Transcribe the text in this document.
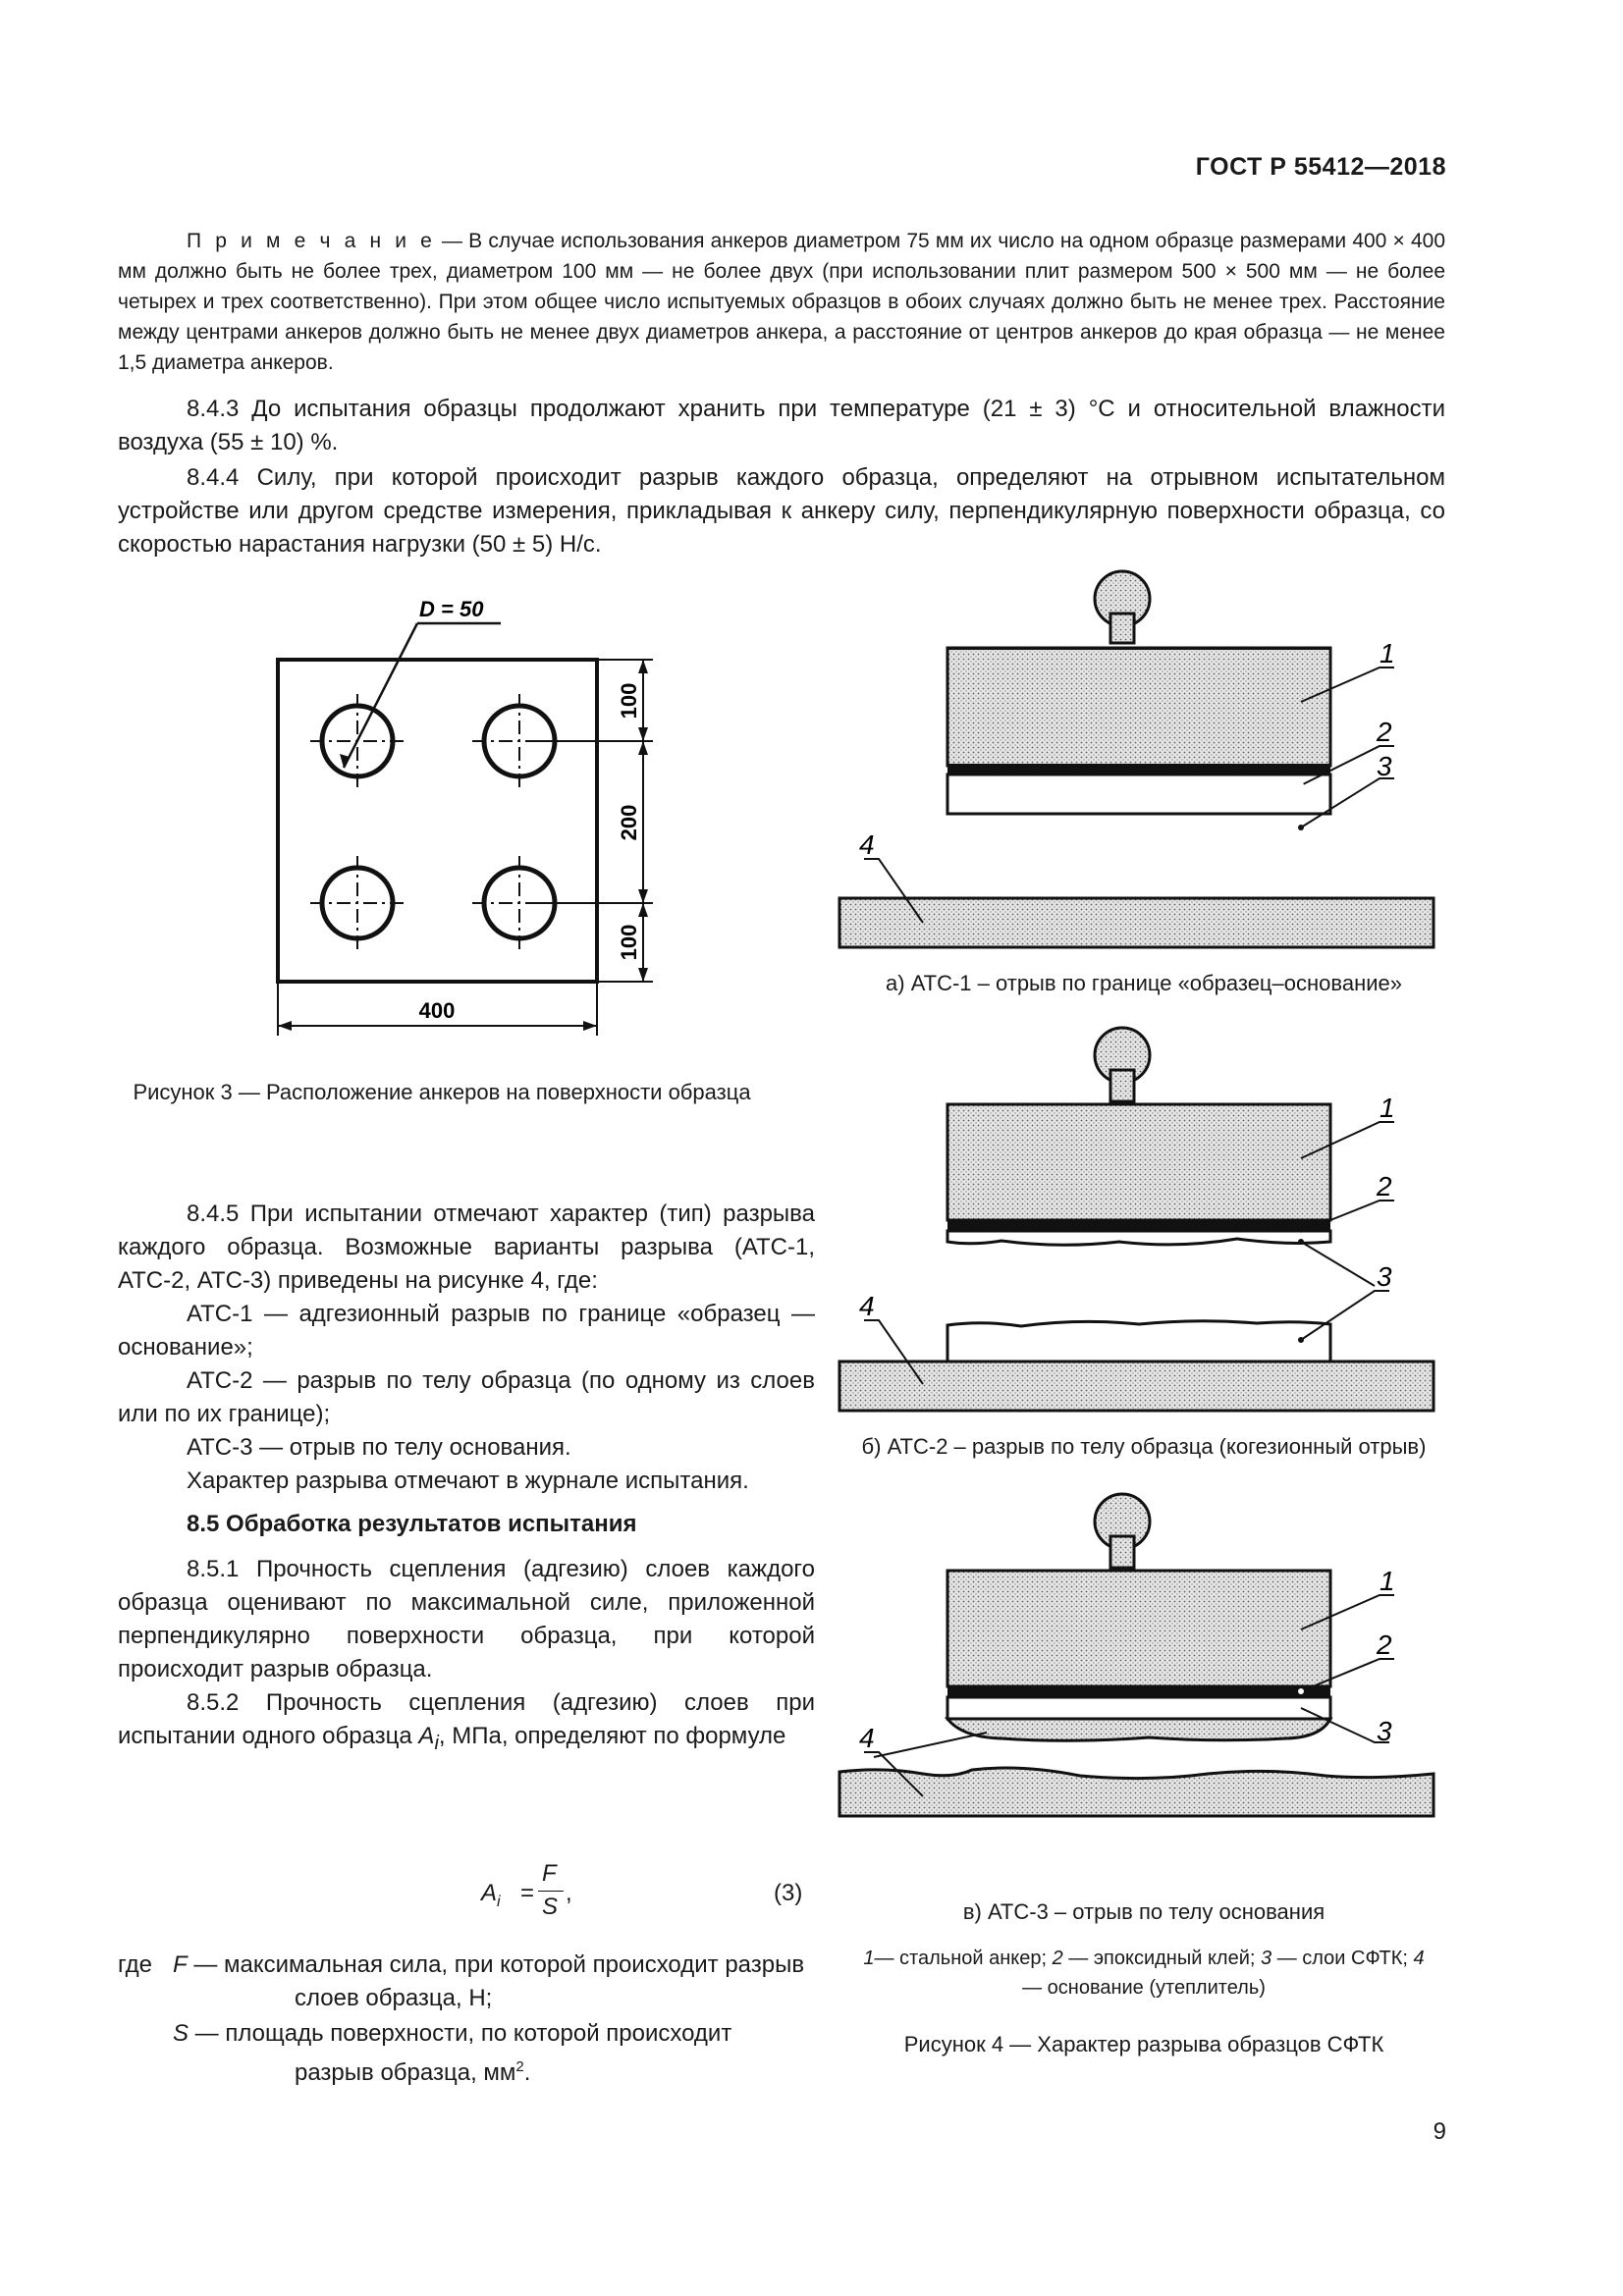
ГОСТ Р 55412—2018
П р и м е ч а н и е — В случае использования анкеров диаметром 75 мм их число на одном образце размерами 400 × 400 мм должно быть не более трех, диаметром 100 мм — не более двух (при использовании плит размером 500 × 500 мм — не более четырех и трех соответственно). При этом общее число испытуемых образцов в обоих случаях должно быть не менее трех. Расстояние между центрами анкеров должно быть не менее двух диаметров анкера, а расстояние от центров анкеров до края образца — не менее 1,5 диаметра анкеров.
8.4.3 До испытания образцы продолжают хранить при температуре (21 ± 3) °С и относительной влажности воздуха (55 ± 10) %.
8.4.4 Силу, при которой происходит разрыв каждого образца, определяют на отрывном испытательном устройстве или другом средстве измерения, прикладывая к анкеру силу, перпендикулярную поверхности образца, со скоростью нарастания нагрузки (50 ± 5) Н/с.
D = 50
100
200
100
400
Рисунок 3 — Расположение анкеров на поверхности образца
1
2
3
4
1
2
3
4
1
2
3
4
а) АТС-1 – отрыв по границе «образец–основание»
б) АТС-2 – разрыв по телу образца (когезионный отрыв)
в) АТС-3 – отрыв по телу основания
1— стальной анкер; 2 — эпоксидный клей; 3 — слои СФТК; 4 — основание (утеплитель)
Рисунок 4 — Характер разрыва образцов СФТК
8.4.5 При испытании отмечают характер (тип) разрыва каждого образца. Возможные варианты разрыва (АТС-1, АТС-2, АТС-3) приведены на рисунке 4, где:
АТС-1 — адгезионный разрыв по границе «образец — основание»;
АТС-2 — разрыв по телу образца (по одному из слоев или по их границе);
АТС-3 — отрыв по телу основания.
Характер разрыва отмечают в журнале испытания.
8.5 Обработка результатов испытания
8.5.1 Прочность сцепления (адгезию) слоев каждого образца оценивают по максимальной силе, приложенной перпендикулярно поверхности образца, при которой происходит разрыв образца.
8.5.2 Прочность сцепления (адгезию) слоев при испытании одного образца $A_i$, МПа, определяют по формуле
$A_i$ =
F
S
,	(3)
где F — максимальная сила, при которой происходит разрыв слоев образца, Н;
S — площадь поверхности, по которой происходит разрыв образца, $мм^2$.
9
